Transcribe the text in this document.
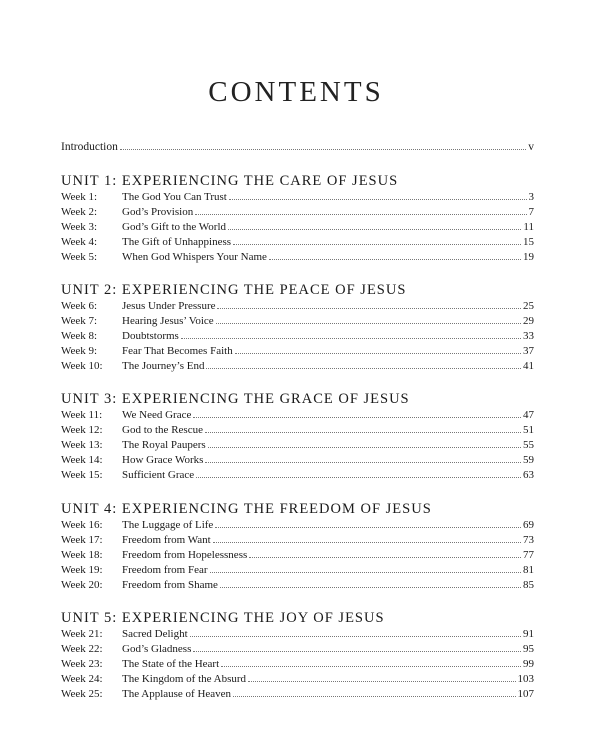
CONTENTS
Introduction	v
UNIT 1: EXPERIENCING THE CARE OF JESUS
Week 1:	The God You Can Trust	3
Week 2:	God’s Provision	7
Week 3:	God’s Gift to the World	11
Week 4:	The Gift of Unhappiness	15
Week 5:	When God Whispers Your Name	19
UNIT 2: EXPERIENCING THE PEACE OF JESUS
Week 6:	Jesus Under Pressure	25
Week 7:	Hearing Jesus’ Voice	29
Week 8:	Doubtstorms	33
Week 9:	Fear That Becomes Faith	37
Week 10:	The Journey’s End	41
UNIT 3: EXPERIENCING THE GRACE OF JESUS
Week 11:	We Need Grace	47
Week 12:	God to the Rescue	51
Week 13:	The Royal Paupers	55
Week 14:	How Grace Works	59
Week 15:	Sufficient Grace	63
UNIT 4: EXPERIENCING THE FREEDOM OF JESUS
Week 16:	The Luggage of Life	69
Week 17:	Freedom from Want	73
Week 18:	Freedom from Hopelessness	77
Week 19:	Freedom from Fear	81
Week 20:	Freedom from Shame	85
UNIT 5: EXPERIENCING THE JOY OF JESUS
Week 21:	Sacred Delight	91
Week 22:	God’s Gladness	95
Week 23:	The State of the Heart	99
Week 24:	The Kingdom of the Absurd	103
Week 25:	The Applause of Heaven	107
